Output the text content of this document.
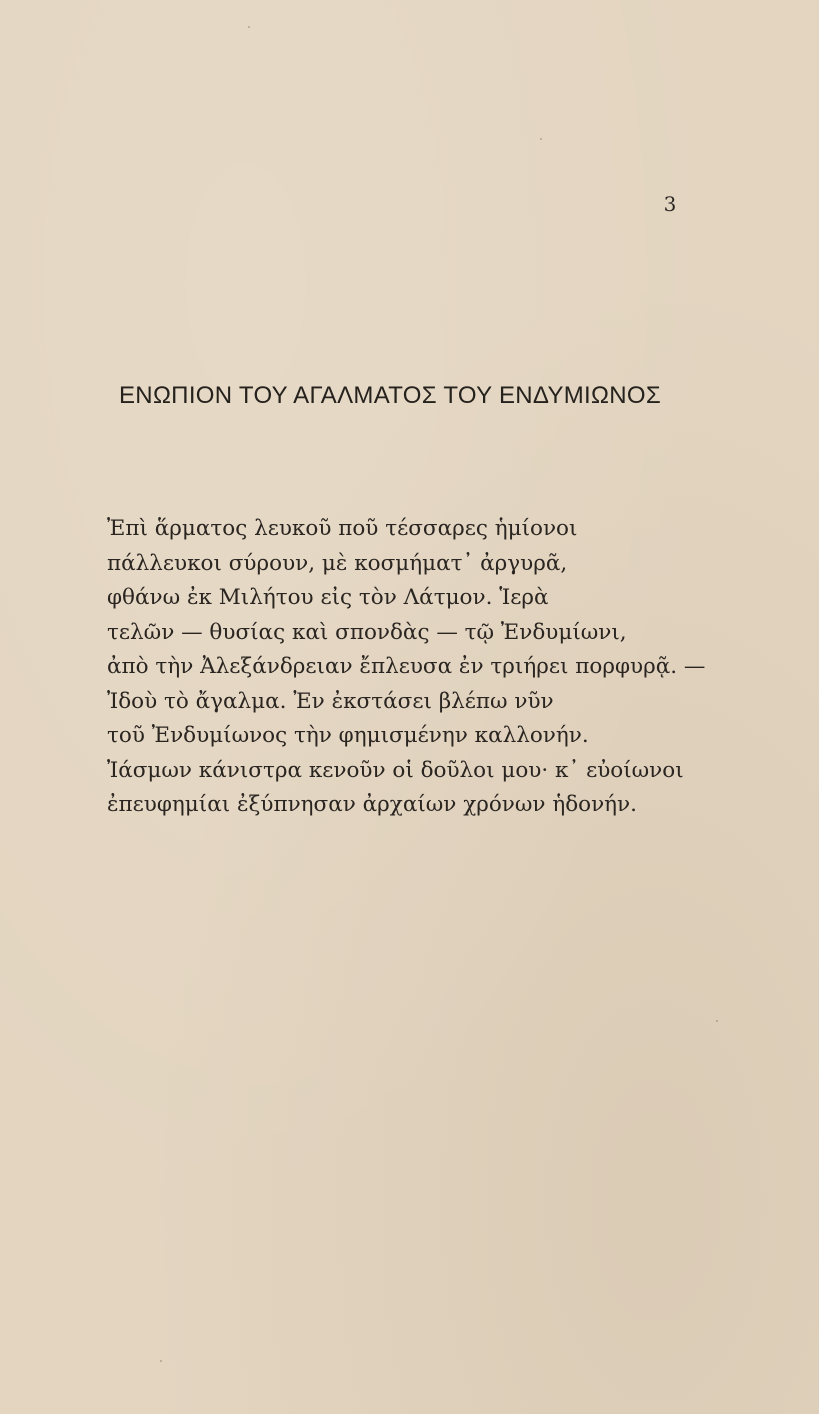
3
ΕΝΩΠΙΟΝ ΤΟΥ ΑΓΑΛΜΑΤΟΣ ΤΟΥ ΕΝΔΥΜΙΩΝΟΣ
Ἐπὶ ἅρματος λευκοῦ ποῦ τέσσαρες ἡμίονοι
πάλλευκοι σύρουν, μὲ κοσμήματ᾽ ἀργυρᾶ,
φθάνω ἐκ Μιλήτου εἰς τὸν Λάτμον. Ἱερὰ
τελῶν — θυσίας καὶ σπονδὰς — τῷ Ἐνδυμίωνι,
ἀπὸ τὴν Ἀλεξάνδρειαν ἔπλευσα ἐν τριήρει πορφυρᾷ. —
Ἰδοὺ τὸ ἄγαλμα. Ἐν ἐκστάσει βλέπω νῦν
τοῦ Ἐνδυμίωνος τὴν φημισμένην καλλονήν.
Ἰάσμων κάνιστρα κενοῦν οἱ δοῦλοι μου· κ᾽ εὐοίωνοι
ἐπευφημίαι ἐξύπνησαν ἀρχαίων χρόνων ἡδονήν.
